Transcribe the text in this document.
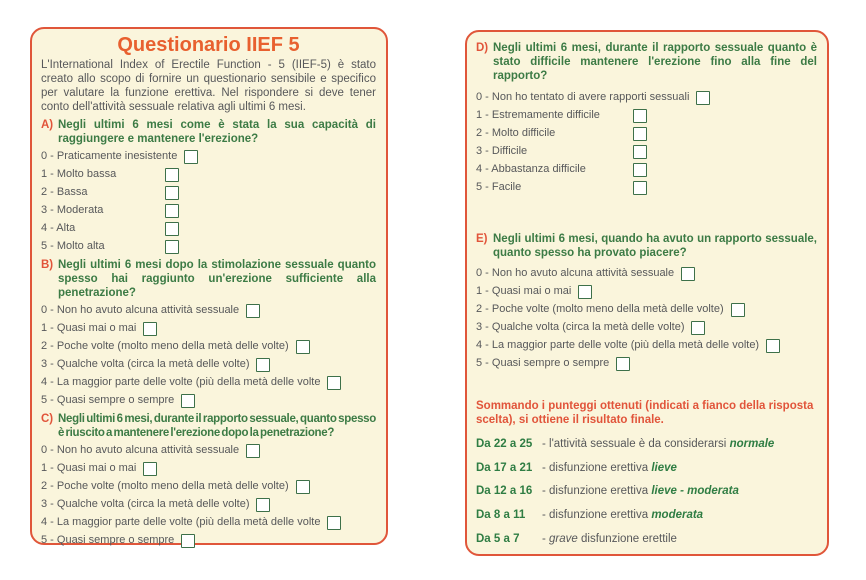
Questionario IIEF 5
L'International Index of Erectile Function - 5 (IIEF-5) è stato creato allo scopo di fornire un questionario sensibile e specifico per valutare la funzione erettiva. Nel rispondere si deve tener conto dell'attività sessuale relativa agli ultimi 6 mesi.
A) Negli ultimi 6 mesi come è stata la sua capacità di raggiungere e mantenere l'erezione?
0 - Praticamente inesistente
1 - Molto bassa
2 - Bassa
3 - Moderata
4 - Alta
5 - Molto alta
B) Negli ultimi 6 mesi dopo la stimolazione sessuale quanto spesso hai raggiunto un'erezione sufficiente alla penetrazione?
0 - Non ho avuto alcuna attività sessuale
1 - Quasi mai o mai
2 - Poche volte (molto meno della metà delle volte)
3 - Qualche volta (circa la metà delle volte)
4 - La maggior parte delle volte (più della metà delle volte
5 - Quasi sempre o sempre
C) Negli ultimi 6 mesi, durante il rapporto sessuale, quanto spesso è riuscito a mantenere l'erezione dopo la penetrazione?
0 - Non ho avuto alcuna attività sessuale
1 - Quasi mai o mai
2 - Poche volte (molto meno della metà delle volte)
3 - Qualche volta (circa la metà delle volte)
4 - La maggior parte delle volte (più della metà delle volte
5 - Quasi sempre o sempre
D) Negli ultimi 6 mesi, durante il rapporto sessuale quanto è stato difficile mantenere l'erezione fino alla fine del rapporto?
0 - Non ho tentato di avere rapporti sessuali
1 - Estremamente difficile
2 - Molto difficile
3 - Difficile
4 - Abbastanza difficile
5 - Facile
E) Negli ultimi 6 mesi, quando ha avuto un rapporto sessuale, quanto spesso ha provato piacere?
0 - Non ho avuto alcuna attività sessuale
1 - Quasi mai o mai
2 - Poche volte (molto meno della metà delle volte)
3 - Qualche volta (circa la metà delle volte)
4 - La maggior parte delle volte (più della metà delle volte)
5 - Quasi sempre o sempre
Sommando i punteggi ottenuti (indicati a fianco della risposta scelta), si ottiene il risultato finale.
Da 22 a 25 - l'attività sessuale è da considerarsi normale
Da 17 a 21 - disfunzione erettiva lieve
Da 12 a 16 - disfunzione erettiva lieve - moderata
Da 8 a 11	- disfunzione erettiva moderata
Da 5 a 7	- grave disfunzione erettile
